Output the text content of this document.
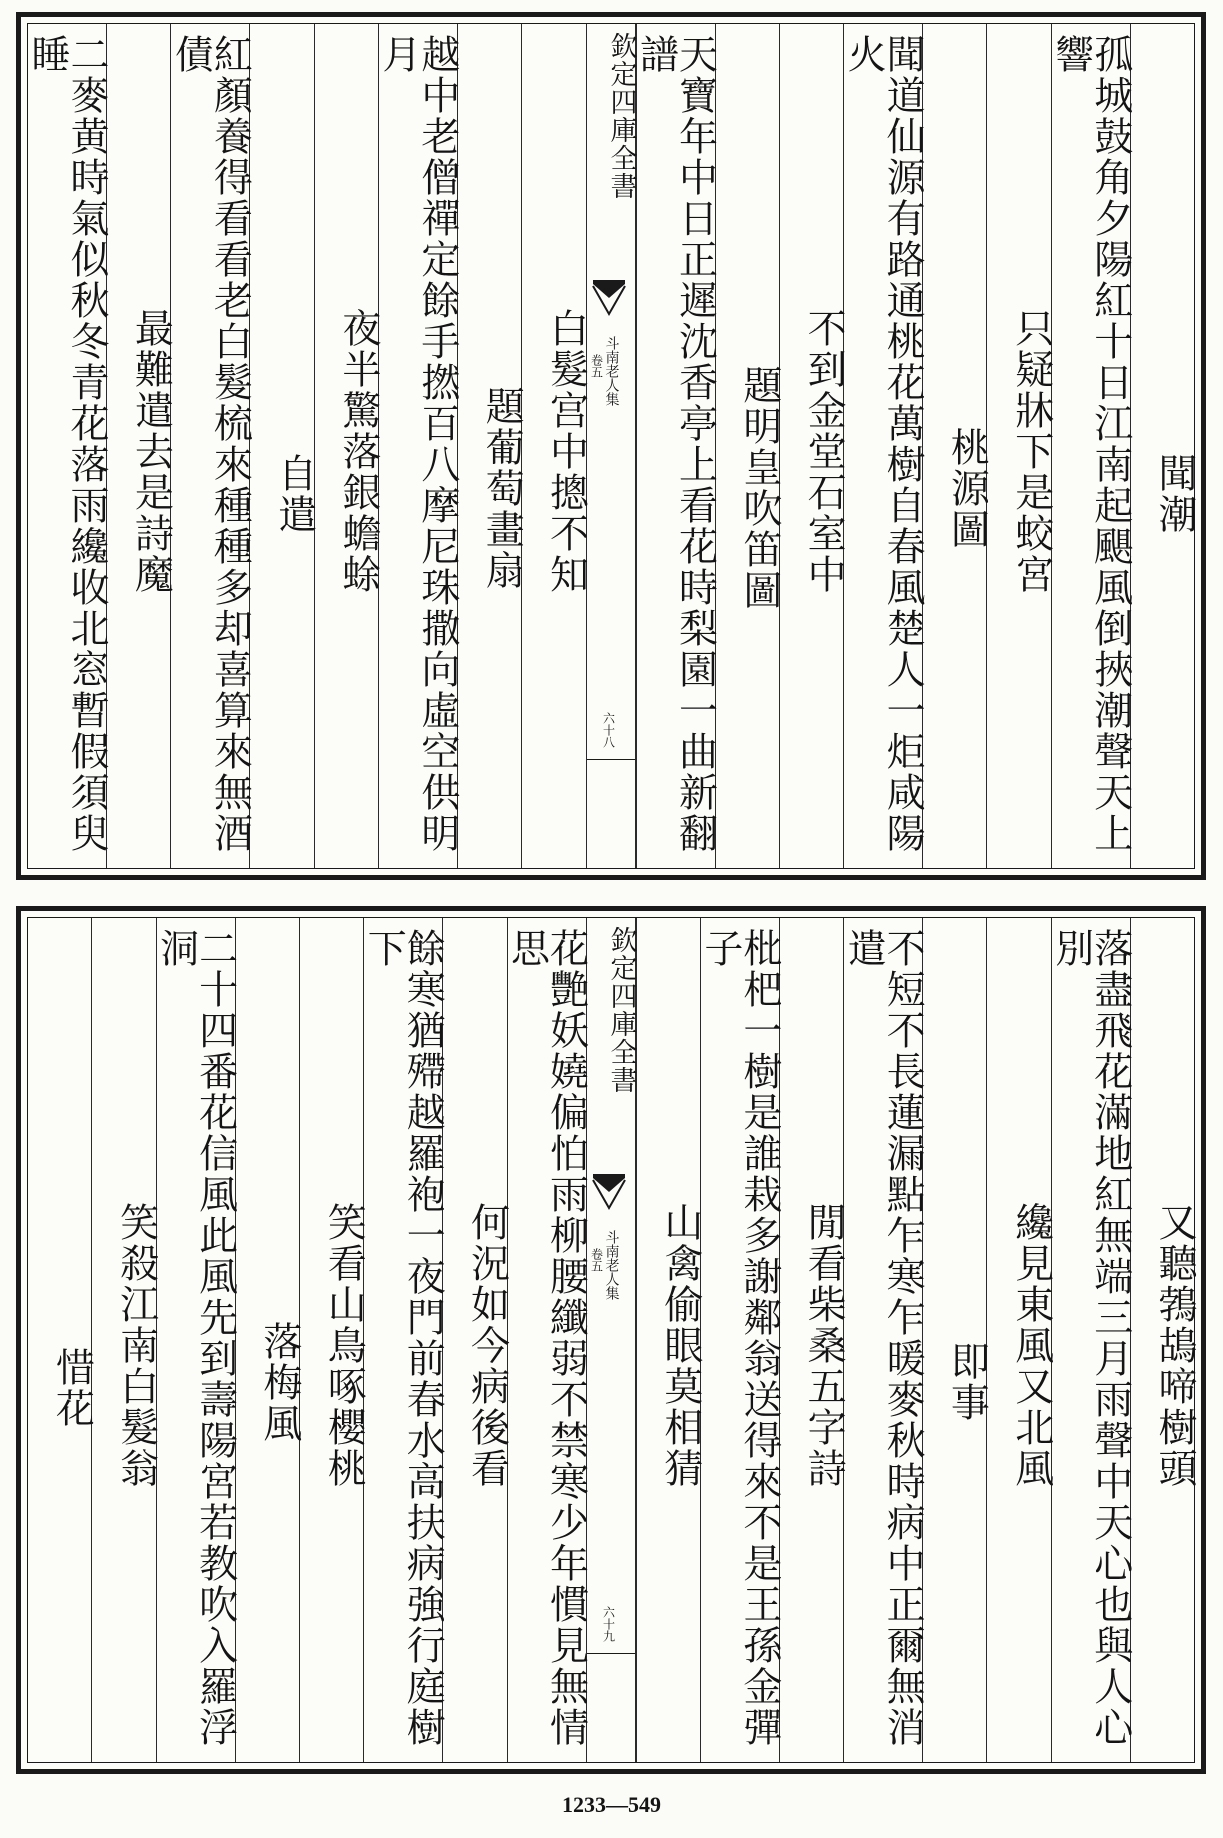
聞潮
孤城鼓角夕陽紅十日江南起颶風倒挾潮聲天上響
只疑牀下是蛟宮
桃源圖
聞道仙源有路通桃花萬樹自春風楚人一炬咸陽火
不到金堂石室中
題明皇吹笛圖
天寶年中日正遲沈香亭上看花時梨園一曲新翻譜
欽定四庫全書
斗南老人集
卷五
六十八
白髮宫中摠不知
題葡萄畫扇
越中老僧禪定餘手撚百八摩尼珠撒向虛空供明月
夜半驚落銀蟾蜍
自遣
紅顏養得看看老白髮梳來種種多却喜算來無酒債
最難遣去是詩魔
二麥黄時氣似秋冬青花落雨纔收北窓暫假須臾睡
又聽鵓鴣啼樹頭
落盡飛花滿地紅無端三月雨聲中天心也與人心別
纔見東風又北風
即事
不短不長蓮漏點乍寒乍暖麥秋時病中正爾無消遣
閒看柴桑五字詩
枇杷一樹是誰栽多謝鄰翁送得來不是王孫金彈子
山禽偷眼莫相猜
欽定四庫全書
斗南老人集
卷五
六十九
花艷妖嬈偏怕雨柳腰纖弱不禁寒少年慣見無情思
何況如今病後看
餘寒猶殢越羅袍一夜門前春水高扶病強行庭樹下
笑看山鳥啄櫻桃
落梅風
二十四番花信風此風先到壽陽宮若教吹入羅浮洞
笑殺江南白髮翁
惜花
1233—549
